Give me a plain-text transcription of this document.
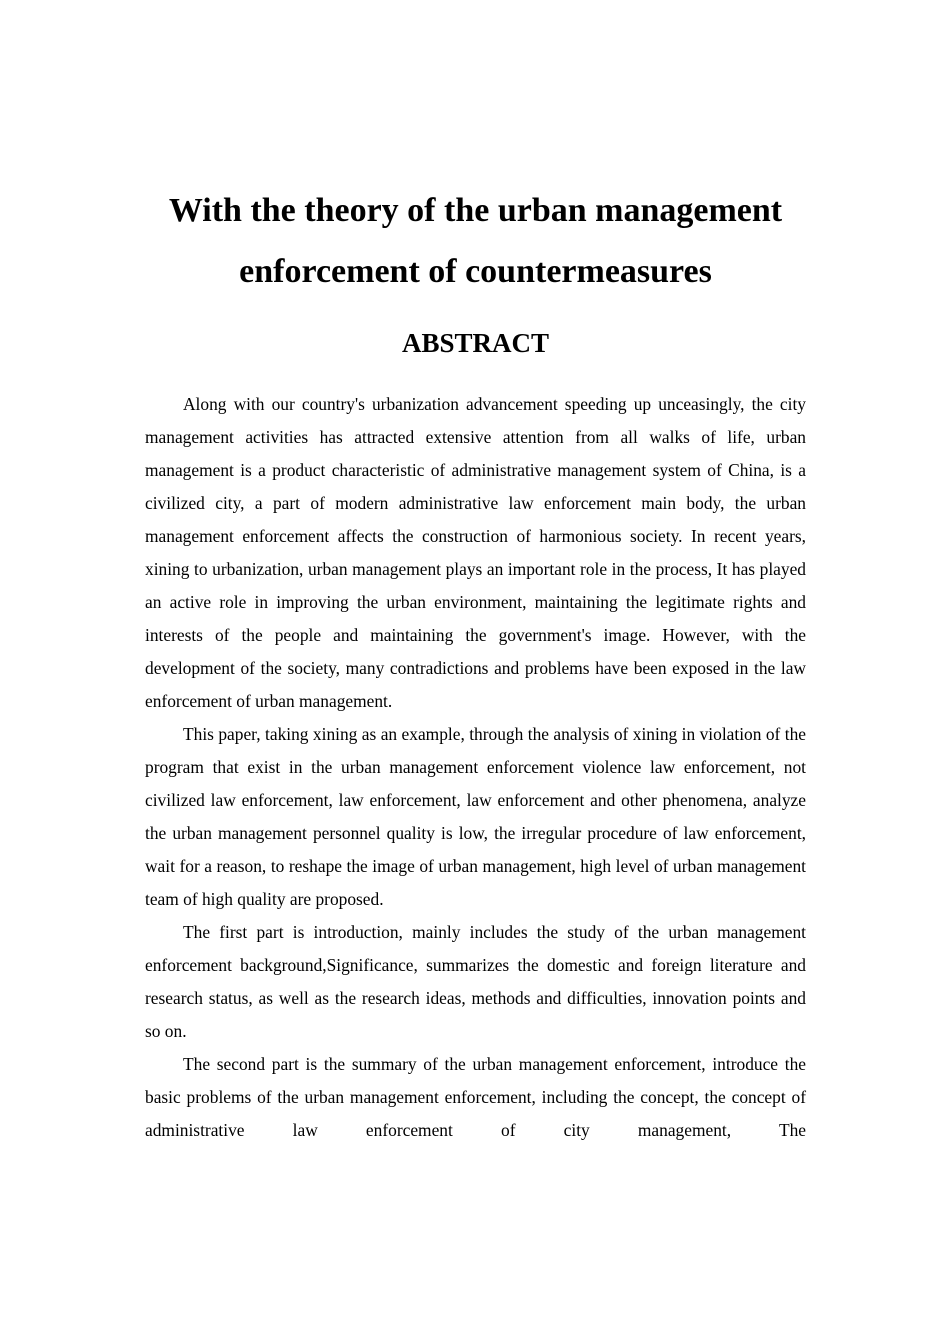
With the theory of the urban management enforcement of countermeasures
ABSTRACT

Along with our country's urbanization advancement speeding up unceasingly, the city management activities has attracted extensive attention from all walks of life, urban management is a product characteristic of administrative management system of China, is a civilized city, a part of modern administrative law enforcement main body, the urban management enforcement affects the construction of harmonious society. In recent years, xining to urbanization, urban management plays an important role in the process, It has played an active role in improving the urban environment, maintaining the legitimate rights and interests of the people and maintaining the government's image. However, with the development of the society, many contradictions and problems have been exposed in the law enforcement of urban management.

This paper, taking xining as an example, through the analysis of xining in violation of the program that exist in the urban management enforcement violence law enforcement, not civilized law enforcement, law enforcement, law enforcement and other phenomena, analyze the urban management personnel quality is low, the irregular procedure of law enforcement, wait for a reason, to reshape the image of urban management, high level of urban management team of high quality are proposed.

The first part is introduction, mainly includes the study of the urban management enforcement background,Significance, summarizes the domestic and foreign literature and research status, as well as the research ideas, methods and difficulties, innovation points and so on.

The second part is the summary of the urban management enforcement, introduce the basic problems of the urban management enforcement, including the concept, the concept of administrative law enforcement of city management, The
